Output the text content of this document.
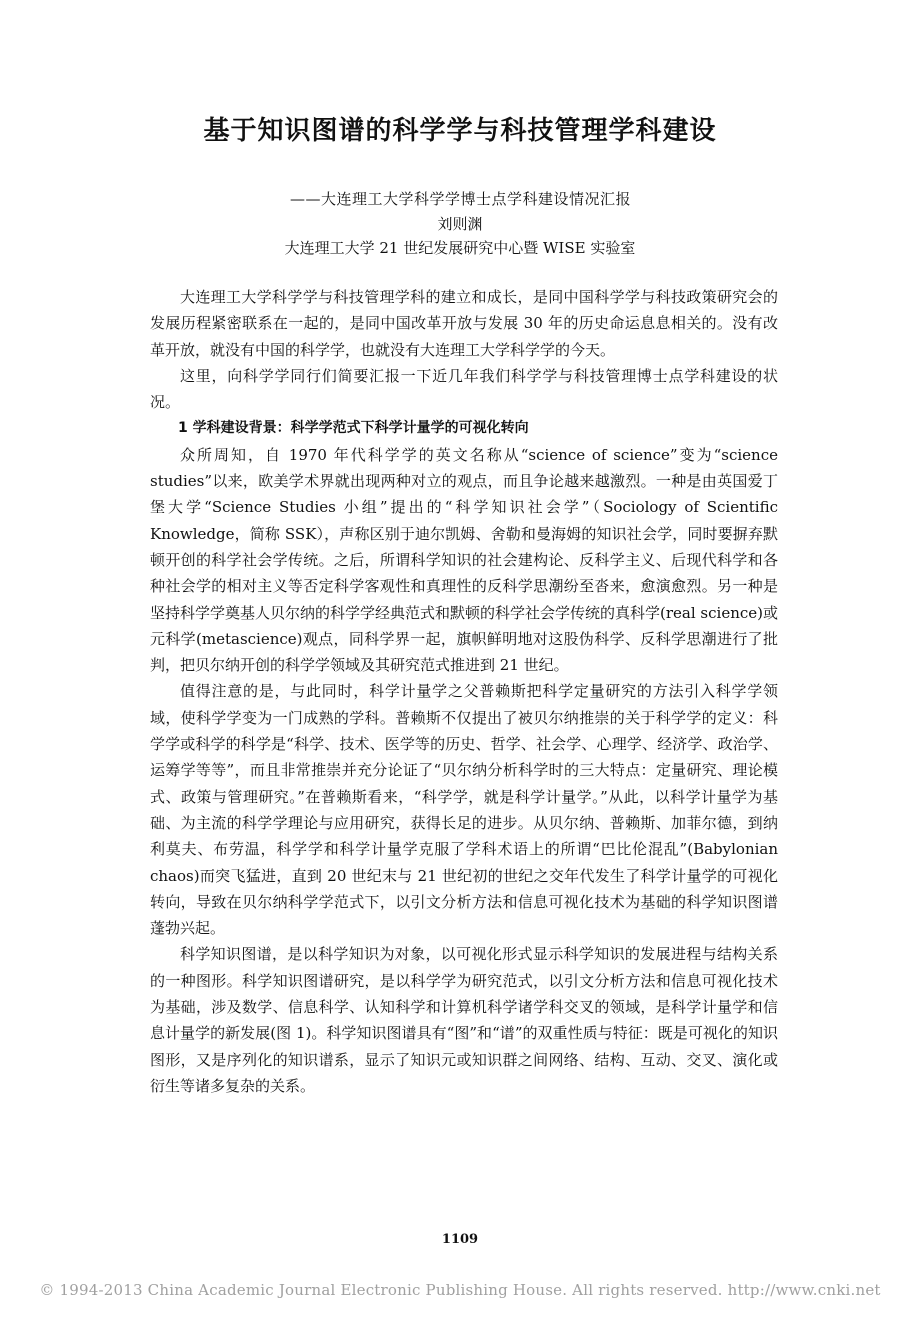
基于知识图谱的科学学与科技管理学科建设
——大连理工大学科学学博士点学科建设情况汇报
刘则渊
大连理工大学 21 世纪发展研究中心暨 WISE 实验室

大连理工大学科学学与科技管理学科的建立和成长，是同中国科学学与科技政策研究会的发展历程紧密联系在一起的，是同中国改革开放与发展 30 年的历史命运息息相关的。没有改革开放，就没有中国的科学学，也就没有大连理工大学科学学的今天。

这里，向科学学同行们简要汇报一下近几年我们科学学与科技管理博士点学科建设的状况。

1 学科建设背景：科学学范式下科学计量学的可视化转向

众所周知，自 1970 年代科学学的英文名称从“science of science”变为“science studies”以来，欧美学术界就出现两种对立的观点，而且争论越来越激烈。一种是由英国爱丁堡大学“Science Studies 小组”提出的“科学知识社会学”（Sociology of Scientific Knowledge，简称 SSK），声称区别于迪尔凯姆、舍勒和曼海姆的知识社会学，同时要摒弃默顿开创的科学社会学传统。之后，所谓科学知识的社会建构论、反科学主义、后现代科学和各种社会学的相对主义等否定科学客观性和真理性的反科学思潮纷至沓来，愈演愈烈。另一种是坚持科学学奠基人贝尔纳的科学学经典范式和默顿的科学社会学传统的真科学(real science)或元科学(metascience)观点，同科学界一起，旗帜鲜明地对这股伪科学、反科学思潮进行了批判，把贝尔纳开创的科学学领域及其研究范式推进到 21 世纪。

值得注意的是，与此同时，科学计量学之父普赖斯把科学定量研究的方法引入科学学领域，使科学学变为一门成熟的学科。普赖斯不仅提出了被贝尔纳推崇的关于科学学的定义：科学学或科学的科学是“科学、技术、医学等的历史、哲学、社会学、心理学、经济学、政治学、运筹学等等”，而且非常推崇并充分论证了“贝尔纳分析科学时的三大特点：定量研究、理论模式、政策与管理研究。”在普赖斯看来，“科学学，就是科学计量学。”从此，以科学计量学为基础、为主流的科学学理论与应用研究，获得长足的进步。从贝尔纳、普赖斯、加菲尔德，到纳利莫夫、布劳温，科学学和科学计量学克服了学科术语上的所谓“巴比伦混乱”(Babylonian chaos)而突飞猛进，直到 20 世纪末与 21 世纪初的世纪之交年代发生了科学计量学的可视化转向，导致在贝尔纳科学学范式下，以引文分析方法和信息可视化技术为基础的科学知识图谱蓬勃兴起。

科学知识图谱，是以科学知识为对象，以可视化形式显示科学知识的发展进程与结构关系的一种图形。科学知识图谱研究，是以科学学为研究范式，以引文分析方法和信息可视化技术为基础，涉及数学、信息科学、认知科学和计算机科学诸学科交叉的领域，是科学计量学和信息计量学的新发展(图 1)。科学知识图谱具有“图”和“谱”的双重性质与特征：既是可视化的知识图形，又是序列化的知识谱系，显示了知识元或知识群之间网络、结构、互动、交叉、演化或衍生等诸多复杂的关系。

1109
© 1994-2013 China Academic Journal Electronic Publishing House. All rights reserved. http://www.cnki.net
